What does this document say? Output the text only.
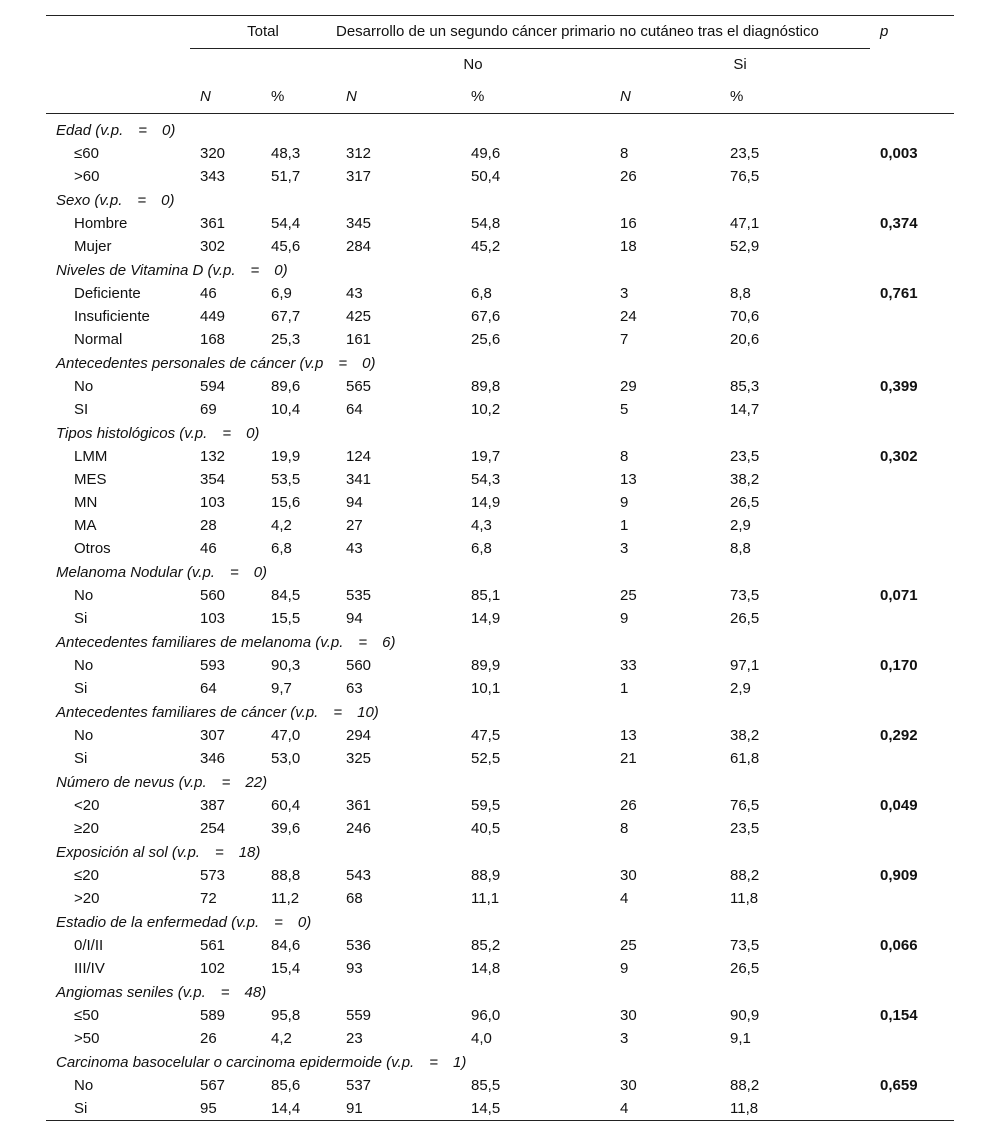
	Total		Desarrollo de un segundo cáncer primario no cutáneo tras el diagnóstico				p
			No		Si		
	N	%	N	%	N	%	
Edad (v.p. = 0)							
≤60	320	48,3	312	49,6	8	23,5	0,003
>60	343	51,7	317	50,4	26	76,5	
Sexo (v.p. = 0)							
Hombre	361	54,4	345	54,8	16	47,1	0,374
Mujer	302	45,6	284	45,2	18	52,9	
Niveles de Vitamina D (v.p. = 0)							
Deficiente	46	6,9	43	6,8	3	8,8	0,761
Insuficiente	449	67,7	425	67,6	24	70,6	
Normal	168	25,3	161	25,6	7	20,6	
Antecedentes personales de cáncer (v.p = 0)							
No	594	89,6	565	89,8	29	85,3	0,399
SI	69	10,4	64	10,2	5	14,7	
Tipos histológicos (v.p. = 0)							
LMM	132	19,9	124	19,7	8	23,5	0,302
MES	354	53,5	341	54,3	13	38,2	
MN	103	15,6	94	14,9	9	26,5	
MA	28	4,2	27	4,3	1	2,9	
Otros	46	6,8	43	6,8	3	8,8	
Melanoma Nodular (v.p. = 0)							
No	560	84,5	535	85,1	25	73,5	0,071
Si	103	15,5	94	14,9	9	26,5	
Antecedentes familiares de melanoma (v.p. = 6)							
No	593	90,3	560	89,9	33	97,1	0,170
Si	64	9,7	63	10,1	1	2,9	
Antecedentes familiares de cáncer (v.p. = 10)							
No	307	47,0	294	47,5	13	38,2	0,292
Si	346	53,0	325	52,5	21	61,8	
Número de nevus (v.p. = 22)							
<20	387	60,4	361	59,5	26	76,5	0,049
≥20	254	39,6	246	40,5	8	23,5	
Exposición al sol (v.p. = 18)							
≤20	573	88,8	543	88,9	30	88,2	0,909
>20	72	11,2	68	11,1	4	11,8	
Estadio de la enfermedad (v.p. = 0)							
0/I/II	561	84,6	536	85,2	25	73,5	0,066
III/IV	102	15,4	93	14,8	9	26,5	
Angiomas seniles (v.p. = 48)							
≤50	589	95,8	559	96,0	30	90,9	0,154
>50	26	4,2	23	4,0	3	9,1	
Carcinoma basocelular o carcinoma epidermoide (v.p. = 1)							
No	567	85,6	537	85,5	30	88,2	0,659
Si	95	14,4	91	14,5	4	11,8	
